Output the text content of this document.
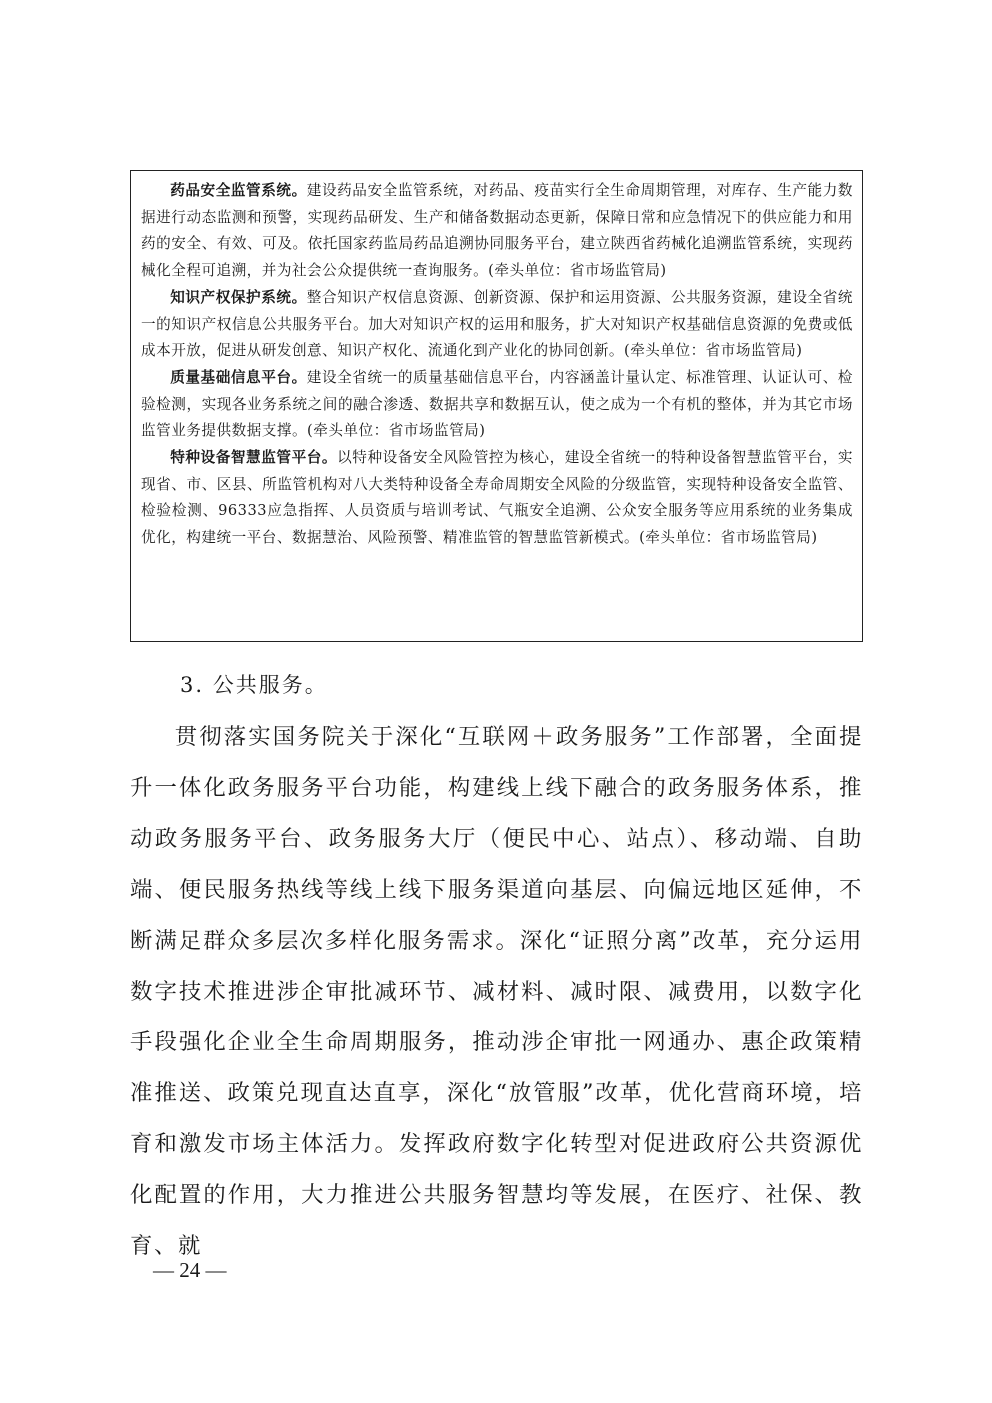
药品安全监管系统。建设药品安全监管系统，对药品、疫苗实行全生命周期管理，对库存、生产能力数据进行动态监测和预警，实现药品研发、生产和储备数据动态更新，保障日常和应急情况下的供应能力和用药的安全、有效、可及。依托国家药监局药品追溯协同服务平台，建立陕西省药械化追溯监管系统，实现药械化全程可追溯，并为社会公众提供统一查询服务。(牵头单位：省市场监管局)

知识产权保护系统。整合知识产权信息资源、创新资源、保护和运用资源、公共服务资源，建设全省统一的知识产权信息公共服务平台。加大对知识产权的运用和服务，扩大对知识产权基础信息资源的免费或低成本开放，促进从研发创意、知识产权化、流通化到产业化的协同创新。(牵头单位：省市场监管局)

质量基础信息平台。建设全省统一的质量基础信息平台，内容涵盖计量认定、标准管理、认证认可、检验检测，实现各业务系统之间的融合渗透、数据共享和数据互认，使之成为一个有机的整体，并为其它市场监管业务提供数据支撑。(牵头单位：省市场监管局)

特种设备智慧监管平台。以特种设备安全风险管控为核心，建设全省统一的特种设备智慧监管平台，实现省、市、区县、所监管机构对八大类特种设备全寿命周期安全风险的分级监管，实现特种设备安全监管、检验检测、96333应急指挥、人员资质与培训考试、气瓶安全追溯、公众安全服务等应用系统的业务集成优化，构建统一平台、数据慧治、风险预警、精准监管的智慧监管新模式。(牵头单位：省市场监管局)

3. 公共服务。

贯彻落实国务院关于深化“互联网＋政务服务”工作部署，全面提升一体化政务服务平台功能，构建线上线下融合的政务服务体系，推动政务服务平台、政务服务大厅（便民中心、站点）、移动端、自助端、便民服务热线等线上线下服务渠道向基层、向偏远地区延伸，不断满足群众多层次多样化服务需求。深化“证照分离”改革，充分运用数字技术推进涉企审批减环节、减材料、减时限、减费用，以数字化手段强化企业全生命周期服务，推动涉企审批一网通办、惠企政策精准推送、政策兑现直达直享，深化“放管服”改革，优化营商环境，培育和激发市场主体活力。发挥政府数字化转型对促进政府公共资源优化配置的作用，大力推进公共服务智慧均等发展，在医疗、社保、教育、就

— 24 —
